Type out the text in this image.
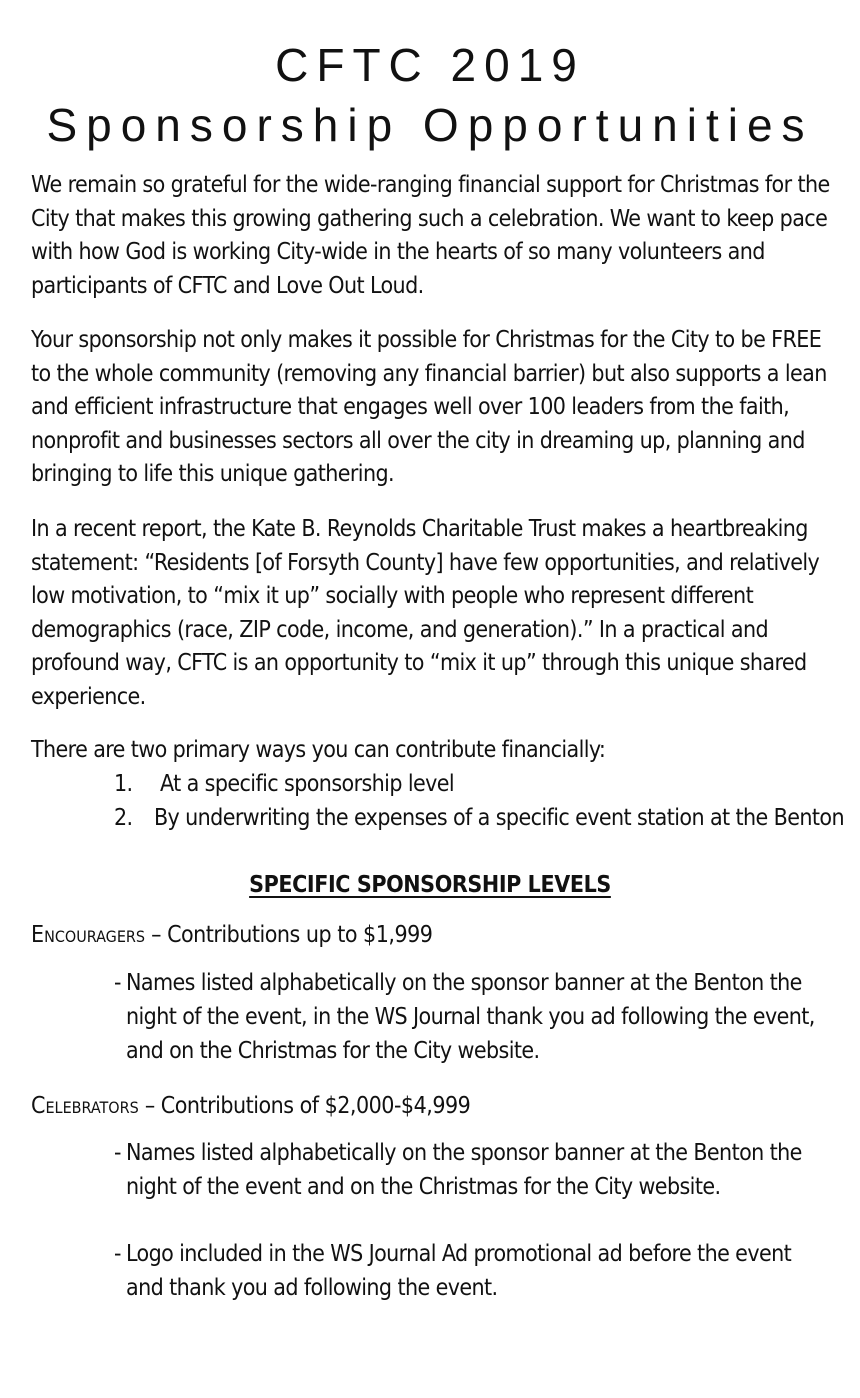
CFTC 2019
Sponsorship Opportunities

We remain so grateful for the wide-ranging financial support for Christmas for the City that makes this growing gathering such a celebration. We want to keep pace with how God is working City-wide in the hearts of so many volunteers and participants of CFTC and Love Out Loud.

Your sponsorship not only makes it possible for Christmas for the City to be FREE to the whole community (removing any financial barrier) but also supports a lean and efficient infrastructure that engages well over 100 leaders from the faith, nonprofit and businesses sectors all over the city in dreaming up, planning and bringing to life this unique gathering.

In a recent report, the Kate B. Reynolds Charitable Trust makes a heartbreaking statement: “Residents [of Forsyth County] have few opportunities, and relatively low motivation, to “mix it up” socially with people who represent different demographics (race, ZIP code, income, and generation).” In a practical and profound way, CFTC is an opportunity to “mix it up” through this unique shared experience.

There are two primary ways you can contribute financially:

1.	At a specific sponsorship level
2. By underwriting the expenses of a specific event station at the Benton
SPECIFIC SPONSORSHIP LEVELS

Encouragers – Contributions up to $1,999

- Names listed alphabetically on the sponsor banner at the Benton the night of the event, in the WS Journal thank you ad following the event, and on the Christmas for the City website.

Celebrators – Contributions of $2,000-$4,999

- Names listed alphabetically on the sponsor banner at the Benton the night of the event and on the Christmas for the City website.
- Logo included in the WS Journal Ad promotional ad before the event and thank you ad following the event.
